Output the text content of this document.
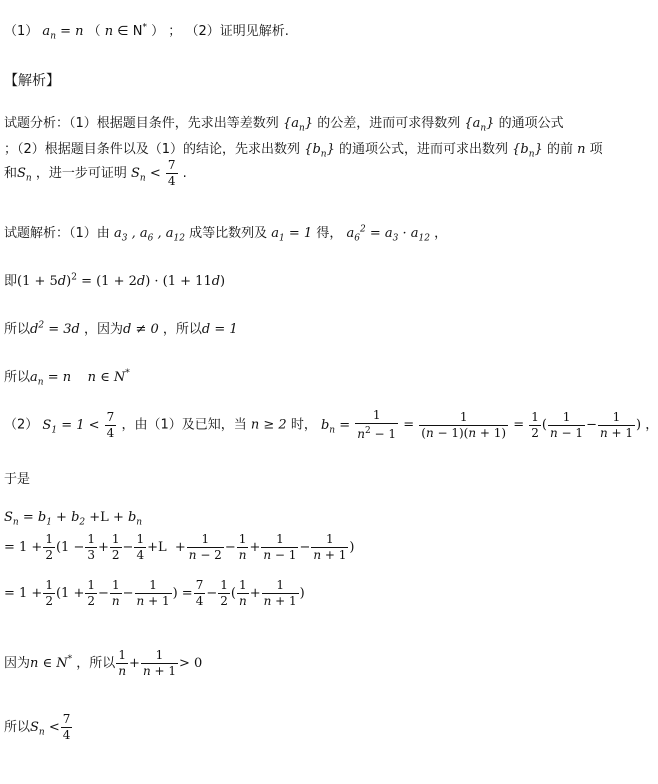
（1） $a_n = n$ （ n ∈ N* ） ； （2）证明见解析.
【解析】
试题分析：（1）根据题目条件，先求出等差数列 $\{a_n\}$ 的公差，进而可求得数列 $\{a_n\}$ 的通项公式
；（2）根据题目条件以及（1）的结论，先求出数列 $\{b_n\}$ 的通项公式，进而可求出数列 $\{b_n\}$ 的前 n 项
和$S_n$ ，进一步可证明 $S_n < \frac{7}{4}$ .
试题解析：（1）由 $a_3$ , $a_6$ , $a_{12}$ 成等比数列及 $a_1 = 1$ 得， $a_6^2 = a_3 \cdot a_{12}$ ，
即$(1 + 5d)^2 = (1 + 2d) \cdot (1 + 11d)$
所以$d^2 = 3d$ ，因为d ≠ 0 ，所以d = 1
所以$a_n = n$    n ∈ N*
（2） $S_1 = 1 < \frac{7}{4}$ ，由（1）及已知，当 n ≥ 2 时， $b_n = \frac{1}{n^2 - 1} = \frac{1}{(n - 1)(n + 1)} = \frac{1}{2}$ ( $\frac{1}{n - 1} - \frac{1}{n + 1}$ ) ，
于是
$S_n = b_1 + b_2 +L + b_n$
= $1 + \frac{1}{2} (1 - \frac{1}{3} + \frac{1}{2} - \frac{1}{4} +L + \frac{1}{n - 2} - \frac{1}{n} + \frac{1}{n - 1} - \frac{1}{n + 1}$ )
= $1 + \frac{1}{2} (1 + \frac{1}{2} - \frac{1}{n} - \frac{1}{n + 1}$ ) = $\frac{7}{4} - \frac{1}{2}$ ( $\frac{1}{n} + \frac{1}{n + 1}$ )
因为n ∈ N* ，所以 $\frac{1}{n} + \frac{1}{n + 1} > 0$
所以$S_n < \frac{7}{4}$
